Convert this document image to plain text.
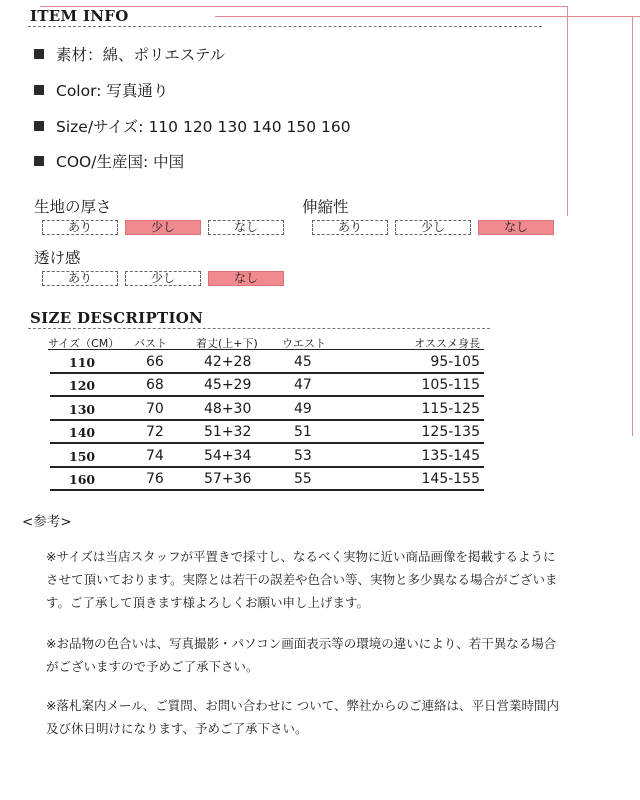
ITEM INFO
素材：綿、ポリエステル
Color: 写真通り
Size/サイズ: 110 120 130 140 150 160
COO/生産国: 中国
生地の厚さ
あり	少し	なし
伸縮性
あり	少し	なし
透け感
あり	少し	なし
SIZE DESCRIPTION
サイズ（CM）	バスト	着丈(上+下)	ウエスト	オススメ身長
110	66	42+28	45	95-105
120	68	45+29	47	105-115
130	70	48+30	49	115-125
140	72	51+32	51	125-135
150	74	54+34	53	135-145
160	76	57+36	55	145-155
<参考>
※サイズは当店スタッフが平置きで採寸し、なるべく実物に近い商品画像を掲載するようにさせて頂いております。実際とは若干の誤差や色合い等、実物と多少異なる場合がございます。ご了承して頂きます様よろしくお願い申し上げます。
※お品物の色合いは、写真撮影・パソコン画面表示等の環境の違いにより、若干異なる場合がございますので予めご了承下さい。
※落札案内メール、ご質問、お問い合わせに ついて、弊社からのご連絡は、平日営業時間内及び休日明けになります、予めご了承下さい。
